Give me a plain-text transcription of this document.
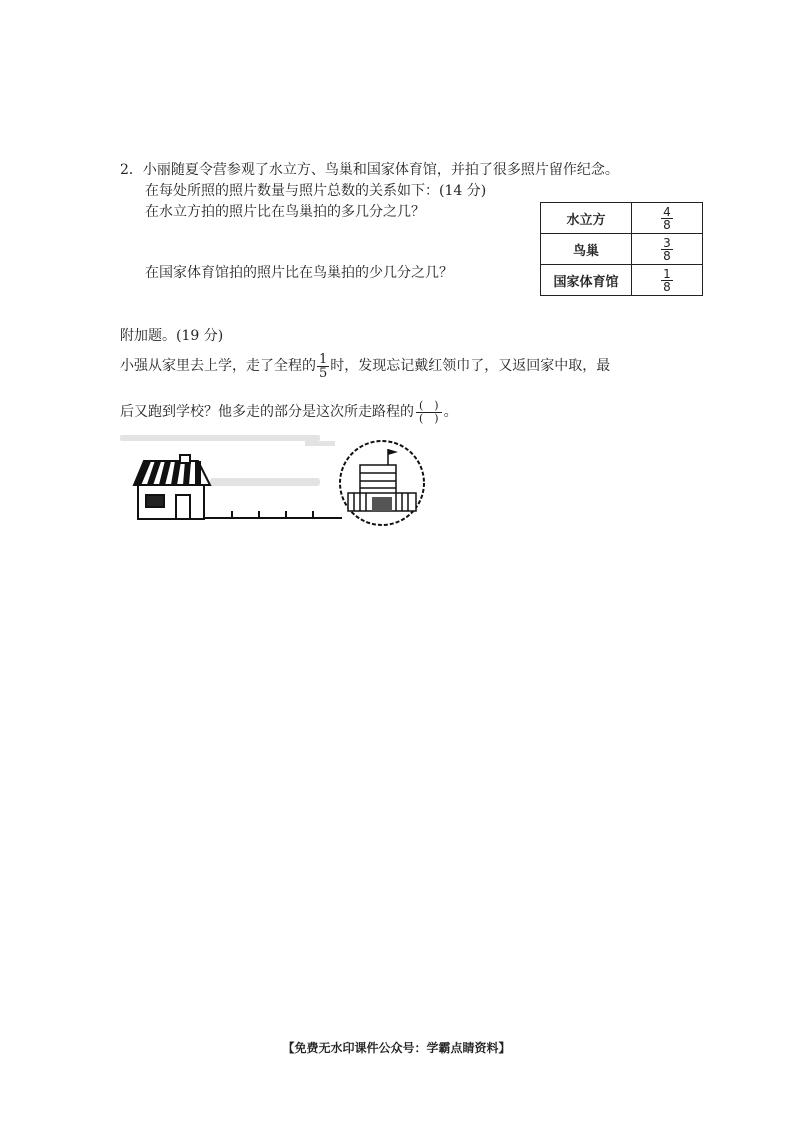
2．小丽随夏令营参观了水立方、鸟巢和国家体育馆，并拍了很多照片留作纪念。
在每处所照的照片数量与照片总数的关系如下：(14 分)
在水立方拍的照片比在鸟巢拍的多几分之几？
在国家体育馆拍的照片比在鸟巢拍的少几分之几？
水立方	$\frac{4}{8}$

鸟巢	$\frac{3}{8}$

国家体育馆	$\frac{1}{8}$
附加题。(19 分)
小强从家里去上学，走了全程的 $\frac{1}{5}$ 时，发现忘记戴红领巾了，又返回家中取，最
后又跑到学校？他多走的部分是这次所走路程的 (　)
(　) 。
【免费无水印课件公众号：学霸点睛资料】
